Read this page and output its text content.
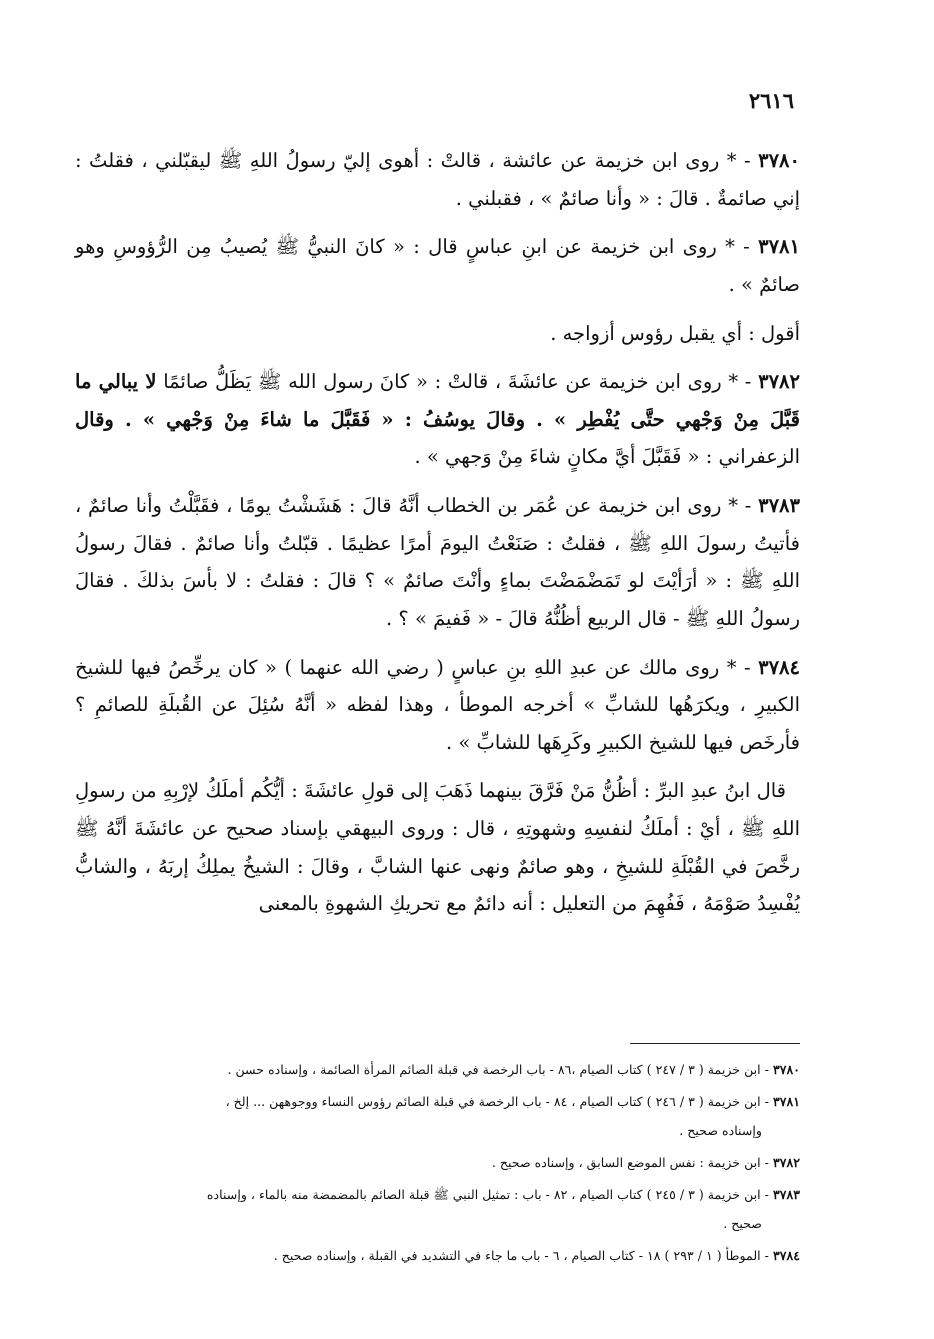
٢٦١٦

٣٧٨٠ - * روى ابن خزيمة عن عائشة ، قالتْ : أهوى إليّ رسولُ اللهِ ﷺ ليقبّلني ، فقلتُ : إني صائمةٌ . قالَ : « وأنا صائمٌ » ، فقبلني .

٣٧٨١ - * روى ابن خزيمة عن ابنِ عباسٍ قال : « كانَ النبيُّ ﷺ يُصيبُ مِن الرُّؤوسِ وهو صائمٌ » .

أقول : أي يقبل رؤوس أزواجه .

٣٧٨٢ - * روى ابن خزيمة عن عائشَةَ ، قالتْ : « كانَ رسول الله ﷺ يَظَلُّ صائمًا لا يبالي ما قَبَّلَ مِنْ وَجْهي حتَّى يُفْطِر » . وقالَ يوسُفُ : « فَقَبَّلَ ما شاءَ مِنْ وَجْهي » . وقال الزعفراني : « فَقَبَّلَ أيَّ مكانٍ شاءَ مِنْ وَجهي » .

٣٧٨٣ - * روى ابن خزيمة عن عُمَر بن الخطاب أنَّهُ قالَ : هَشَشْتُ يومًا ، فقَبَّلْتُ وأنا صائمٌ ، فأتيتُ رسولَ اللهِ ﷺ ، فقلتُ : صَنَعْتُ اليومَ أمرًا عظيمًا . قبّلتُ وأنا صائمٌ . فقالَ رسولُ اللهِ ﷺ : « أرَأيْتَ لو تَمَضْمَضْتَ بماءٍ وأنْتَ صائمٌ » ؟ قالَ : فقلتُ : لا بأسَ بذلكَ . فقالَ رسولُ اللهِ ﷺ - قال الربيع أظُنُّهُ قالَ - « فَفيمَ » ؟ .

٣٧٨٤ - * روى مالك عن عبدِ اللهِ بنِ عباسٍ ( رضي الله عنهما ) « كان يرخِّصُ فيها للشيخ الكبيرِ ، ويكرَهُها للشابِّ » أخرجه الموطأ ، وهذا لفظه « أنَّهُ سُئِلَ عن القُبلَةِ للصائمِ ؟ فأرخَص فيها للشيخ الكبيرِ وكَرِهَها للشابِّ » .

قال ابنُ عبدِ البرِّ : أظُنُّ مَنْ فَرَّقَ بينهما ذَهَبَ إلى قولِ عائشَةَ : أيُّكُم أملَكُ لإرْبِهِ من رسولِ اللهِ ﷺ ، أيْ : أملَكُ لنفسِهِ وشهوتِهِ ، قال : وروى البيهقي بإسناد صحيح عن عائشَةَ أنَّهُ ﷺ رخَّصَ في القُبْلَةِ للشيخِ ، وهو صائمٌ ونهى عنها الشابَّ ، وقالَ : الشيخُ يملِكُ إربَهُ ، والشابُّ يُفْسِدُ صَوْمَهُ ، فَفُهِمَ من التعليل : أنه دائمٌ مع تحريكِ الشهوةِ بالمعنى

٣٧٨٠ - ابن خزيمة ( ٣ / ٢٤٧ ) كتاب الصيام ،٨٦ - باب الرخصة في قبلة الصائم المرأة الصائمة ، وإسناده حسن .
٣٧٨١ - ابن خزيمة ( ٣ / ٢٤٦ ) كتاب الصيام ، ٨٤ - باب الرخصة في قبلة الصائم رؤوس النساء ووجوههن ... إلخ ،
وإسناده صحيح .
٣٧٨٢ - ابن خزيمة : نفس الموضع السابق ، وإسناده صحيح .
٣٧٨٣ - ابن خزيمة ( ٣ / ٢٤٥ ) كتاب الصيام ، ٨٢ - باب : تمثيل النبي ﷺ قبلة الصائم بالمضمضة منه بالماء ، وإسناده
صحيح .
٣٧٨٤ - الموطأ ( ١ / ٢٩٣ ) ١٨ - كتاب الصيام ، ٦ - باب ما جاء في التشديد في القبلة ، وإسناده صحيح .
